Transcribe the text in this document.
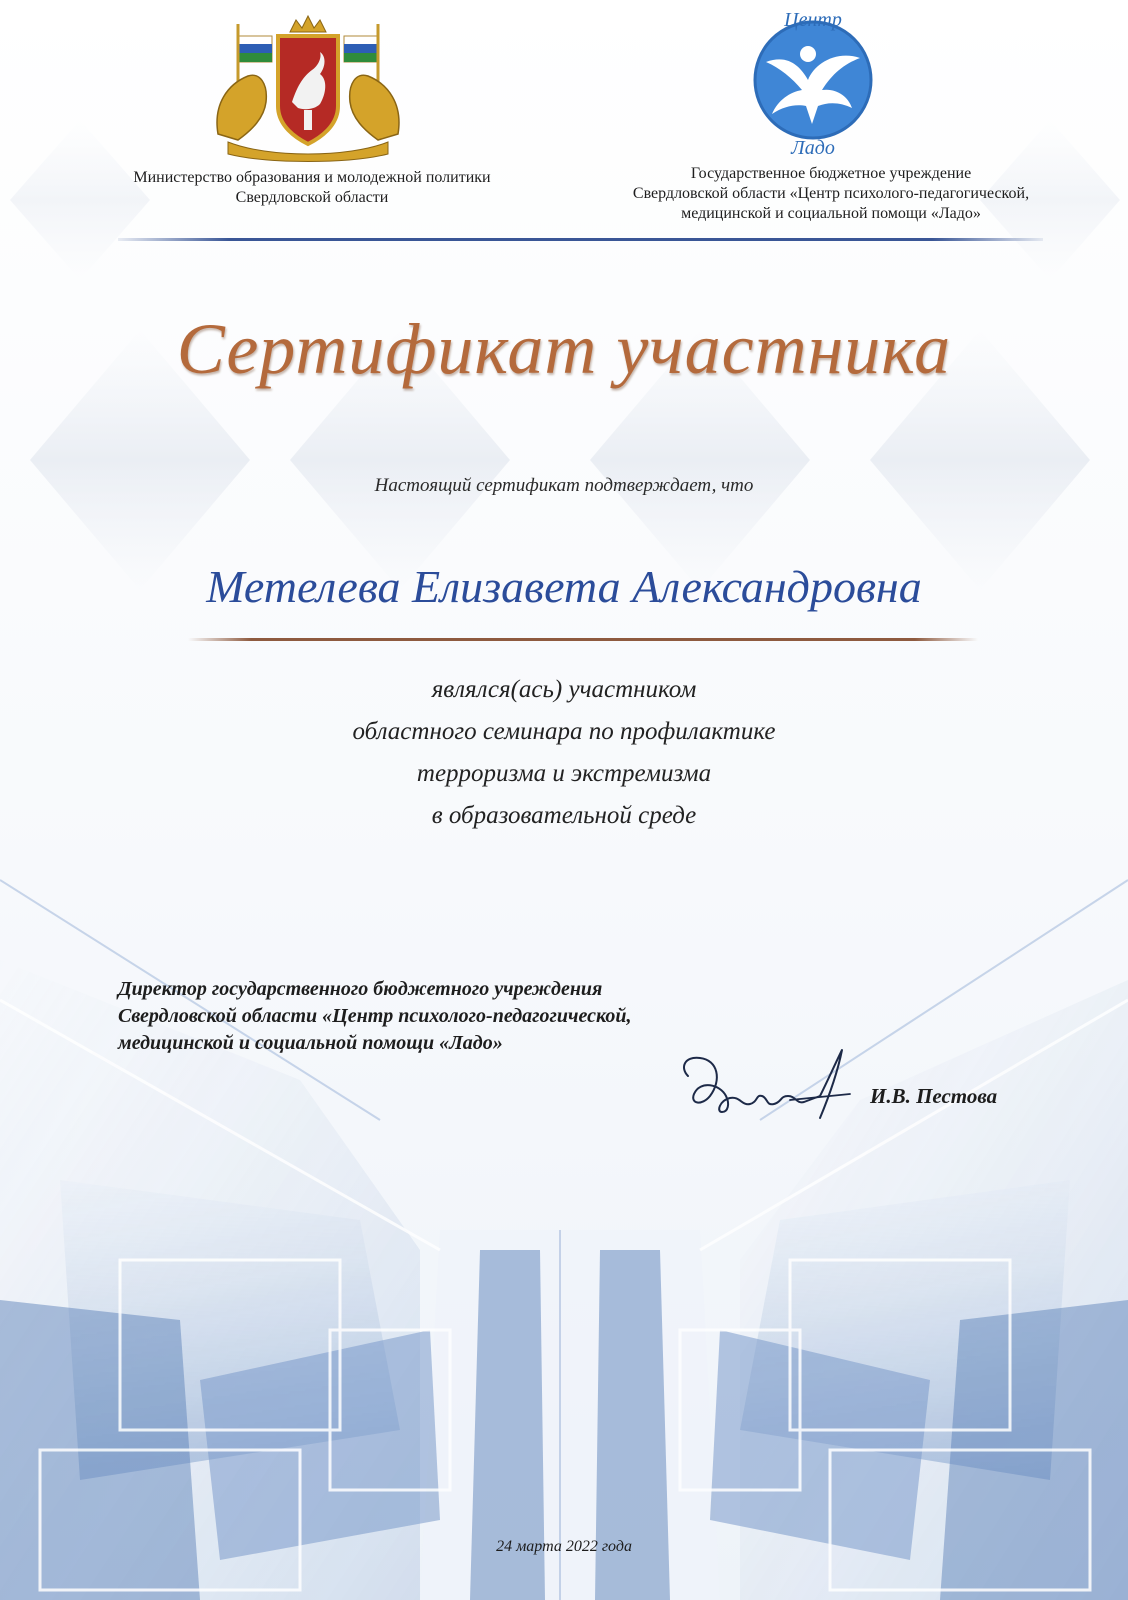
Центр
Ладо
Министерство образования и молодежной политики
Свердловской области
Государственное бюджетное учреждение
Свердловской области «Центр психолого-педагогической,
медицинской и социальной помощи «Ладо»
Сертификат участника
Настоящий сертификат подтверждает, что
Метелева Елизавета Александровна
являлся(ась) участником
областного семинара по профилактике
терроризма и экстремизма
в образовательной среде
Директор государственного бюджетного учреждения
Свердловской области «Центр психолого-педагогической,
медицинской и социальной помощи «Ладо»
И.В. Пестова
24 марта 2022 года
